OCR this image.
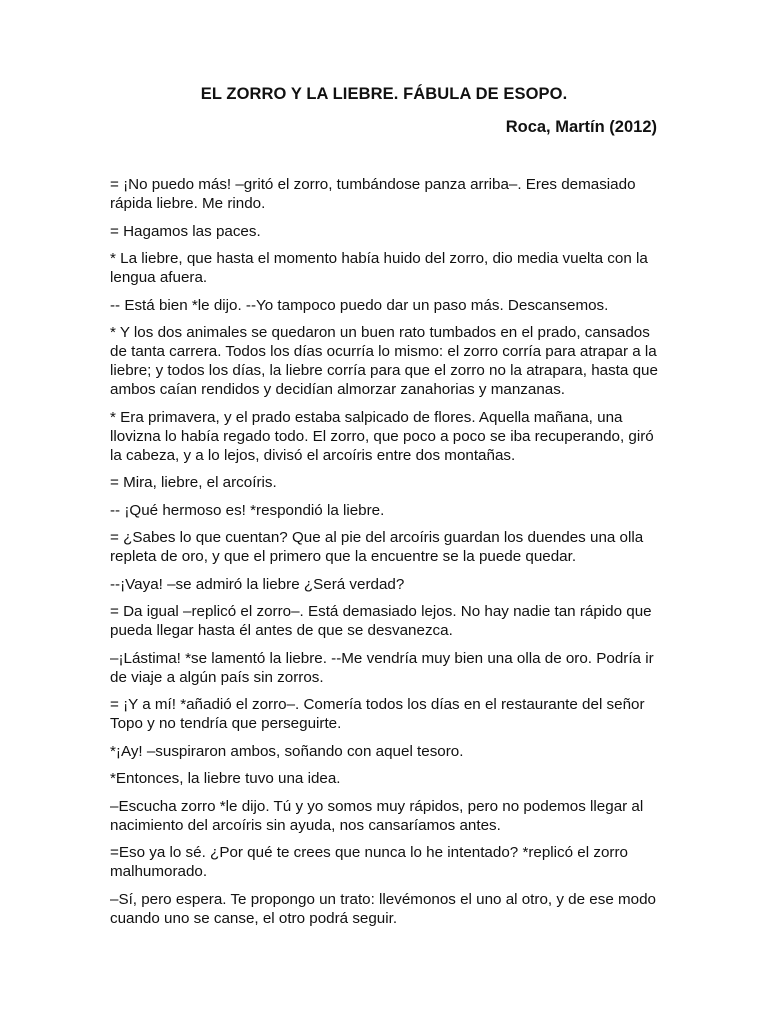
EL ZORRO Y LA LIEBRE. FÁBULA DE ESOPO.
Roca, Martín (2012)

= ¡No puedo más! –gritó el zorro, tumbándose panza arriba–. Eres demasiado rápida liebre. Me rindo.

= Hagamos las paces.

* La liebre, que hasta el momento había huido del zorro, dio media vuelta con la lengua afuera.

-- Está bien *le dijo. --Yo tampoco puedo dar un paso más. Descansemos.

* Y los dos animales se quedaron un buen rato tumbados en el prado, cansados de tanta carrera. Todos los días ocurría lo mismo: el zorro corría para atrapar a la liebre; y todos los días, la liebre corría para que el zorro no la atrapara, hasta que ambos caían rendidos y decidían almorzar zanahorias y manzanas.

* Era primavera, y el prado estaba salpicado de flores. Aquella mañana, una llovizna lo había regado todo. El zorro, que poco a poco se iba recuperando, giró la cabeza, y a lo lejos, divisó el arcoíris entre dos montañas.

= Mira, liebre, el arcoíris.

-- ¡Qué hermoso es! *respondió la liebre.

= ¿Sabes lo que cuentan? Que al pie del arcoíris guardan los duendes una olla repleta de oro, y que el primero que la encuentre se la puede quedar.

--¡Vaya! –se admiró la liebre ¿Será verdad?

= Da igual –replicó el zorro–. Está demasiado lejos. No hay nadie tan rápido que pueda llegar hasta él antes de que se desvanezca.

–¡Lástima! *se lamentó la liebre. --Me vendría muy bien una olla de oro. Podría ir de viaje a algún país sin zorros.

= ¡Y a mí! *añadió el zorro–. Comería todos los días en el restaurante del señor Topo y no tendría que perseguirte.

*¡Ay! –suspiraron ambos, soñando con aquel tesoro.

*Entonces, la liebre tuvo una idea.

–Escucha zorro *le dijo. Tú y yo somos muy rápidos, pero no podemos llegar al nacimiento del arcoíris sin ayuda, nos cansaríamos antes.

=Eso ya lo sé. ¿Por qué te crees que nunca lo he intentado? *replicó el zorro malhumorado.

–Sí, pero espera. Te propongo un trato: llevémonos el uno al otro, y de ese modo cuando uno se canse, el otro podrá seguir.
